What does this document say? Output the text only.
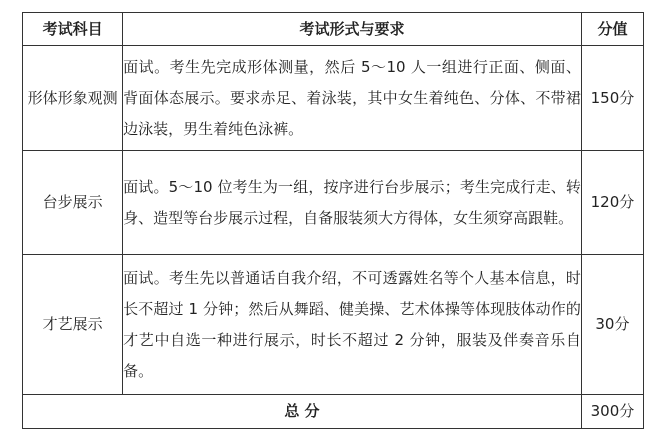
考试科目	考试形式与要求	分值
形体形象观测	面试。考生先完成形体测量，然后 5～10 人一组进行正面、侧面、背面体态展示。要求赤足、着泳装，其中女生着纯色、分体、不带裙边泳装，男生着纯色泳裤。	150分
台步展示	面试。5～10 位考生为一组，按序进行台步展示；考生完成行走、转身、造型等台步展示过程，自备服装须大方得体，女生须穿高跟鞋。	120分
才艺展示	面试。考生先以普通话自我介绍，不可透露姓名等个人基本信息，时长不超过 1 分钟；然后从舞蹈、健美操、艺术体操等体现肢体动作的才艺中自选一种进行展示，时长不超过 2 分钟，服装及伴奏音乐自备。	30分
总 分		300分
